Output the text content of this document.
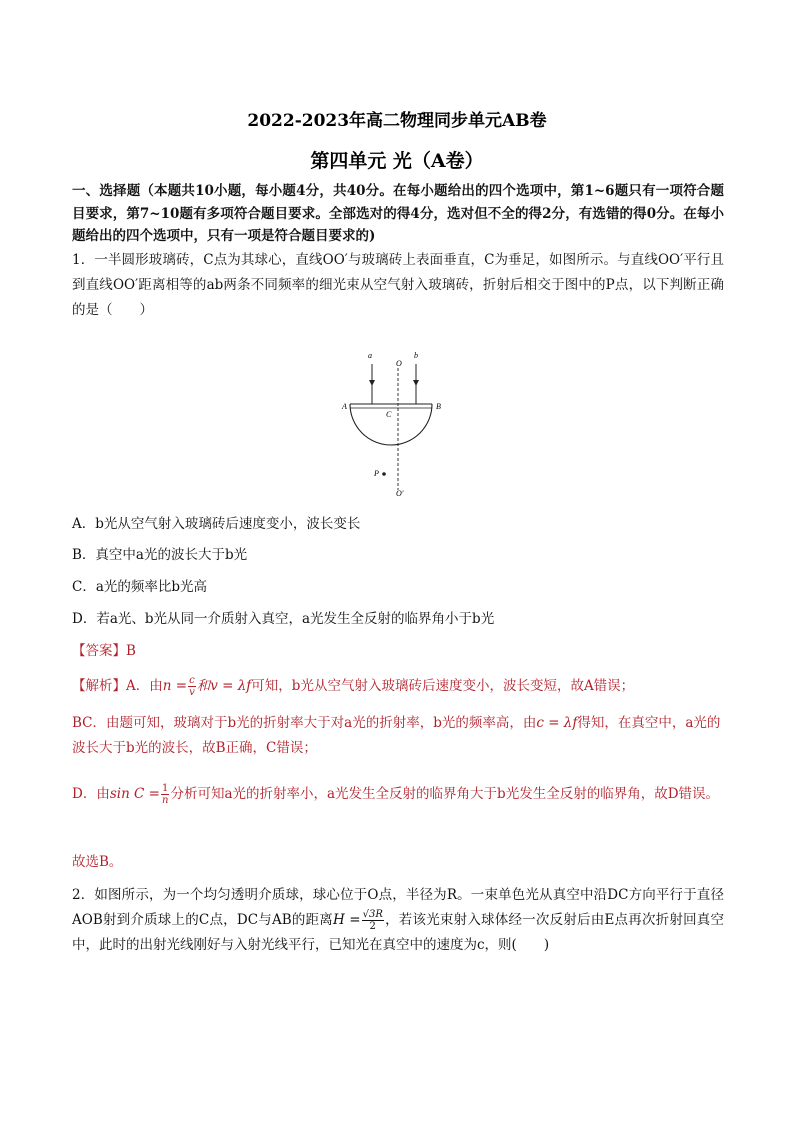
2022-2023年高二物理同步单元AB卷
第四单元 光（A卷）
一、选择题（本题共10小题，每小题4分，共40分。在每小题给出的四个选项中，第1~6题只有一项符合题目要求，第7~10题有多项符合题目要求。全部选对的得4分，选对但不全的得2分，有选错的得0分。在每小题给出的四个选项中，只有一项是符合题目要求的)
1．一半圆形玻璃砖，C点为其球心，直线OO′与玻璃砖上表面垂直，C为垂足，如图所示。与直线OO′平行且到直线OO′距离相等的ab两条不同频率的细光束从空气射入玻璃砖，折射后相交于图中的P点，以下判断正确的是（　　）
a
O
b
A
C
B
P
O′
A．b光从空气射入玻璃砖后速度变小，波长变长
B．真空中a光的波长大于b光
C．a光的频率比b光高
D．若a光、b光从同一介质射入真空，a光发生全反射的临界角小于b光
【答案】B
【解析】A．由$n = \frac{c}{v}$ 和v = λf可知，b光从空气射入玻璃砖后速度变小，波长变短，故A错误；
BC．由题可知，玻璃对于b光的折射率大于对a光的折射率，b光的频率高，由c = λf得知，在真空中，a光的波长大于b光的波长，故B正确，C错误；
D．由$\sin C = \frac{1}{n}$ 分析可知a光的折射率小，a光发生全反射的临界角大于b光发生全反射的临界角，故D错误。
故选B。
2．如图所示，为一个均匀透明介质球，球心位于O点，半径为R。一束单色光从真空中沿DC方向平行于直径AOB射到介质球上的C点，DC与AB的距离$H = \frac{√3R}{2}$ ，若该光束射入球体经一次反射后由E点再次折射回真空中，此时的出射光线刚好与入射光线平行，已知光在真空中的速度为c，则(　　)
